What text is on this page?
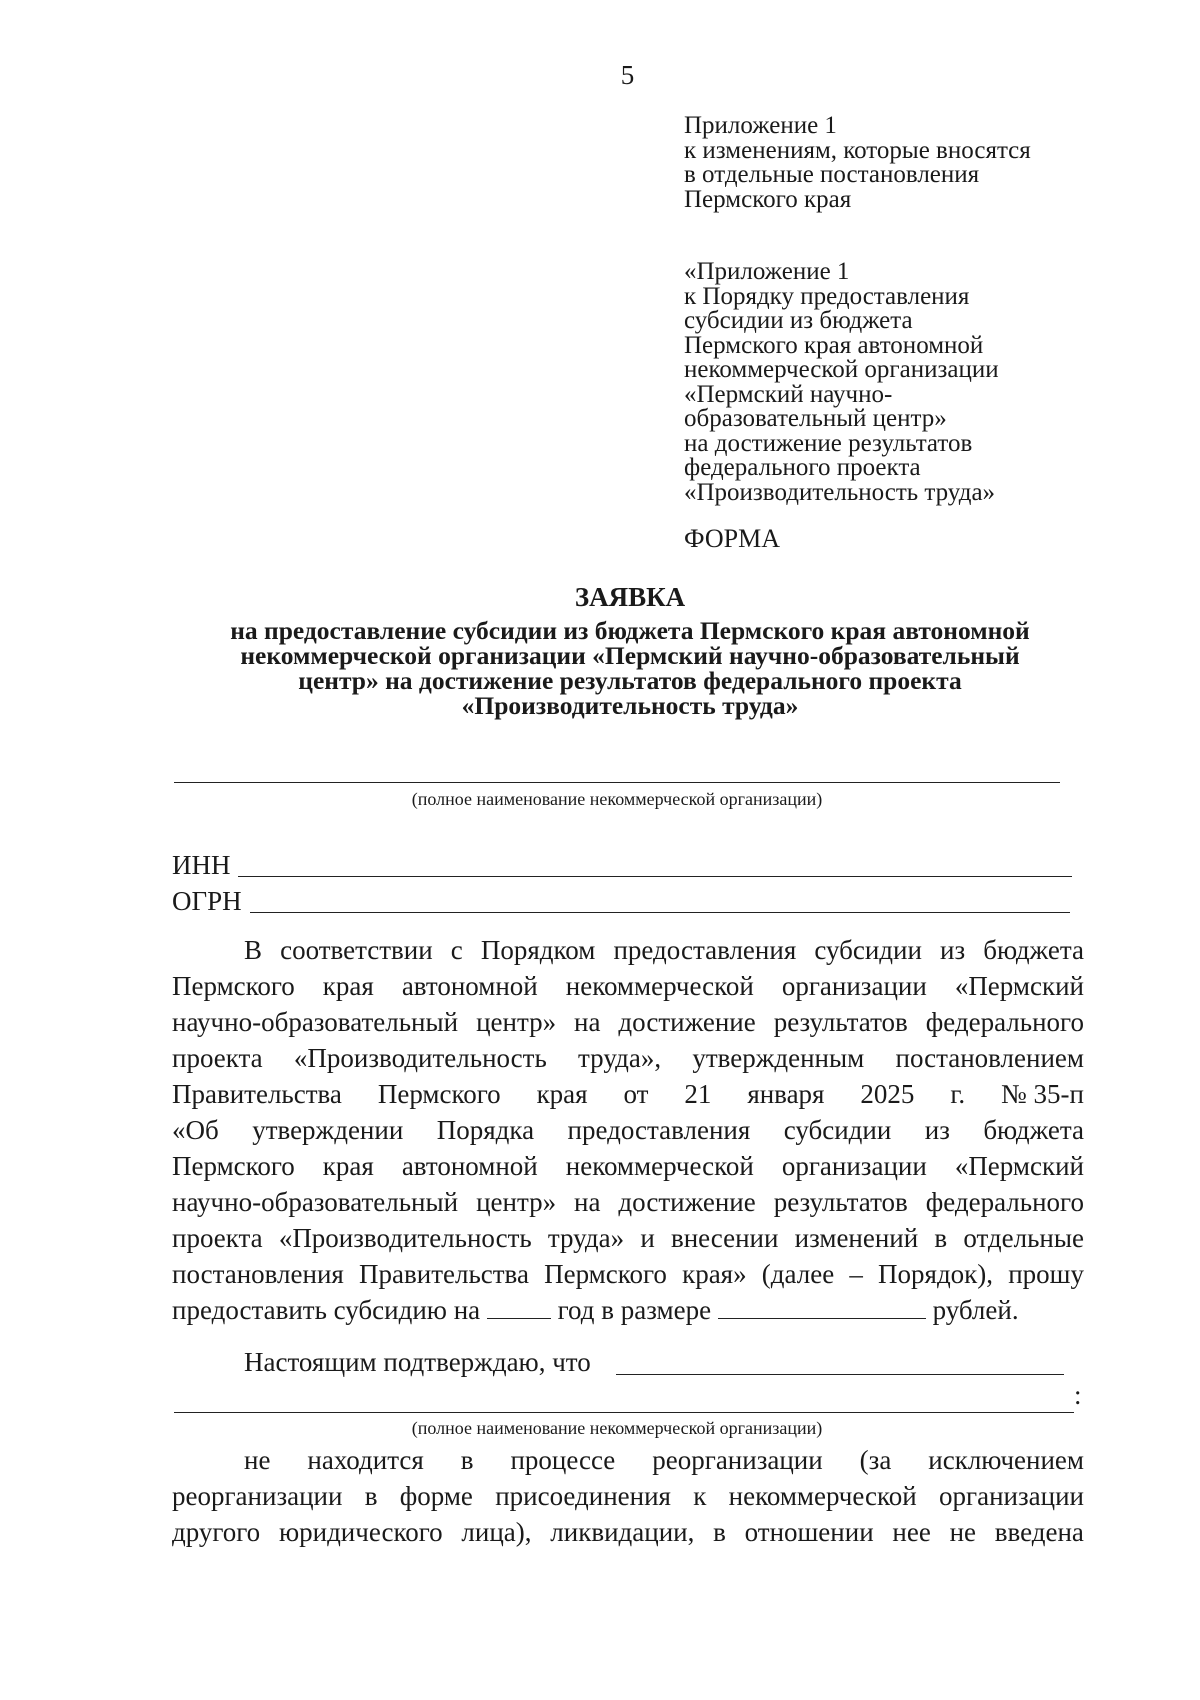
5
Приложение 1
к изменениям, которые вносятся
в отдельные постановления
Пермского края
«Приложение 1
к Порядку предоставления
субсидии из бюджета
Пермского края автономной
некоммерческой организации
«Пермский научно-
образовательный центр»
на достижение результатов
федерального проекта
«Производительность труда»
ФОРМА
ЗАЯВКА
на предоставление субсидии из бюджета Пермского края автономной
некоммерческой организации «Пермский научно-образовательный
центр» на достижение результатов федерального проекта
«Производительность труда»
(полное наименование некоммерческой организации)
ИНН
ОГРН
В соответствии с Порядком предоставления субсидии из бюджета
Пермского края автономной некоммерческой организации «Пермский
научно-образовательный центр» на достижение результатов федерального
проекта «Производительность труда», утвержденным постановлением
Правительства Пермского края от 21 января 2025 г. № 35-п
«Об утверждении Порядка предоставления субсидии из бюджета
Пермского края автономной некоммерческой организации «Пермский
научно-образовательный центр» на достижение результатов федерального
проекта «Производительность труда» и внесении изменений в отдельные
постановления Правительства Пермского края» (далее – Порядок), прошу
предоставить субсидию на	год в размере	рублей.
Настоящим подтверждаю, что
:
(полное наименование некоммерческой организации)
не находится в процессе реорганизации (за исключением
реорганизации в форме присоединения к некоммерческой организации
другого юридического лица), ликвидации, в отношении нее не введена
